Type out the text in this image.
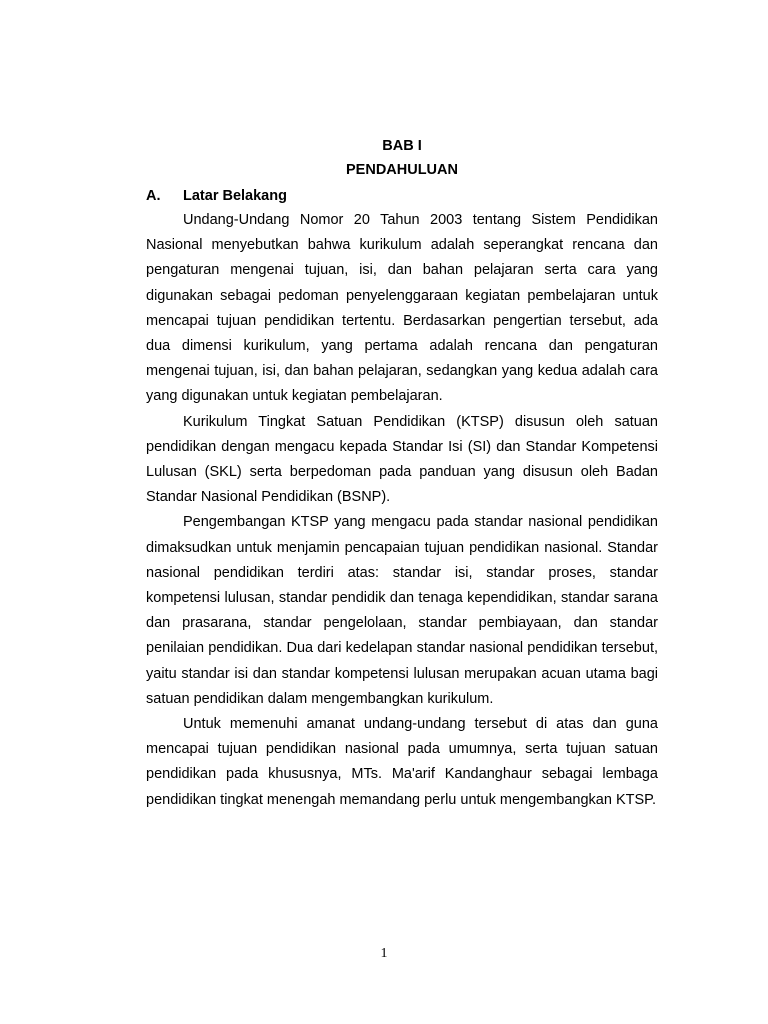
BAB I
PENDAHULUAN
A. Latar Belakang

Undang-Undang Nomor 20 Tahun 2003 tentang Sistem Pendidikan Nasional menyebutkan bahwa kurikulum adalah seperangkat rencana dan pengaturan mengenai tujuan, isi, dan bahan pelajaran serta cara yang digunakan sebagai pedoman penyelenggaraan kegiatan pembelajaran untuk mencapai tujuan pendidikan tertentu. Berdasarkan pengertian tersebut, ada dua dimensi kurikulum, yang pertama adalah rencana dan pengaturan mengenai tujuan, isi, dan bahan pelajaran, sedangkan yang kedua adalah cara yang digunakan untuk kegiatan pembelajaran.

Kurikulum Tingkat Satuan Pendidikan (KTSP) disusun oleh satuan pendidikan dengan mengacu kepada Standar Isi (SI) dan Standar Kompetensi Lulusan (SKL) serta berpedoman pada panduan yang disusun oleh Badan Standar Nasional Pendidikan (BSNP).

Pengembangan KTSP yang mengacu pada standar nasional pendidikan dimaksudkan untuk menjamin pencapaian tujuan pendidikan nasional. Standar nasional pendidikan terdiri atas: standar isi, standar proses, standar kompetensi lulusan, standar pendidik dan tenaga kependidikan, standar sarana dan prasarana, standar pengelolaan, standar pembiayaan, dan standar penilaian pendidikan. Dua dari kedelapan standar nasional pendidikan tersebut, yaitu standar isi dan standar kompetensi lulusan merupakan acuan utama bagi satuan pendidikan dalam mengembangkan kurikulum.

Untuk memenuhi amanat undang-undang tersebut di atas dan guna mencapai tujuan pendidikan nasional pada umumnya, serta tujuan satuan pendidikan pada khususnya, MTs. Ma'arif Kandanghaur sebagai lembaga pendidikan tingkat menengah memandang perlu untuk mengembangkan KTSP.

1
